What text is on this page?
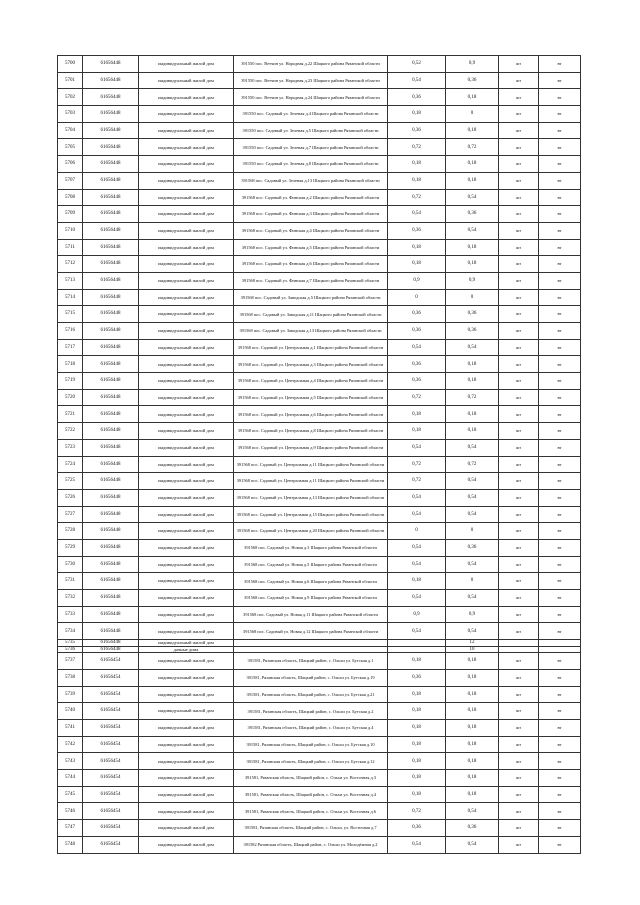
5700	61656448	индивидуальный жилой дом	391550 пос. Ветчин ул. Народная д.22 Шацкого района Рязанской области	0,52	0,9	жт	вт
5701	61656448	индивидуальный жилой дом	391550 пос. Ветчин ул. Народная д.23 Шацкого района Рязанской области	0,54	0,36	жт	вт
5702	61656448	индивидуальный жилой дом	391550 пос. Ветчин ул. Народная д.24 Шацкого района Рязанской области	0,36	0,18	жт	вт
5703	61656448	индивидуальный жилой дом	391550 пос. Садовый ул. Зеленая д.4 Шацкого района Рязанской области	0,18	0	жт	вт
5704	61656448	индивидуальный жилой дом	391550 пос. Садовый ул. Зеленая д.5 Шацкого района Рязанской области	0,36	0,18	жт	вт
5705	61656448	индивидуальный жилой дом	391550 пос. Садовый ул. Зеленая д.7 Шацкого района Рязанской области	0,72	0,72	жт	вт
5706	61656448	индивидуальный жилой дом	391550 пос. Садовый ул. Зеленая д.8 Шацкого района Рязанской области	0,18	0,18	жт	вт
5707	61656448	индивидуальный жилой дом	391568 пос. Садовый ул. Зеленая д.13 Шацкого района Рязанской области	0,18	0,18	жт	вт
5708	61656448	индивидуальный жилой дом	391568 пос. Садовый ул. Финская д.2 Шацкого района Рязанской области	0,72	0,54	жт	вт
5709	61656448	индивидуальный жилой дом	391568 пос. Садовый ул. Финская д.3 Шацкого района Рязанской области	0,54	0,36	жт	вт
5710	61656448	индивидуальный жилой дом	391568 пос. Садовый ул. Финская д.4 Шацкого района Рязанской области	0,36	0,54	жт	вт
5711	61656448	индивидуальный жилой дом	391568 пос. Садовый ул. Финская д.5 Шацкого района Рязанской области	0,18	0,18	жт	вт
5712	61656448	индивидуальный жилой дом	391568 пос. Садовый ул. Финская д.6 Шацкого района Рязанской области	0,18	0,18	жт	вт
5713	61656448	индивидуальный жилой дом	391568 пос. Садовый ул. Финская д.7 Шацкого района Рязанской области	0,9	0,9	жт	вт
5714	61656448	индивидуальный жилой дом	391568 пос. Садовый ул. Заводская д.5 Шацкого района Рязанской области	0	0	жт	вт
5715	61656448	индивидуальный жилой дом	391568 пос. Садовый ул. Заводская д.11 Шацкого района Рязанской области	0,36	0,36	жт	вт
5716	61656448	индивидуальный жилой дом	391568 пос. Садовый ул. Заводская д.13 Шацкого района Рязанской области	0,36	0,36	жт	вт
5717	61656448	индивидуальный жилой дом	391568 пос. Садовый ул. Центральная д.1 Шацкого района Рязанской области	0,54	0,54	жт	вт
5718	61656448	индивидуальный жилой дом	391568 пос. Садовый ул. Центральная д.3 Шацкого района Рязанской области	0,36	0,18	жт	вт
5719	61656448	индивидуальный жилой дом	391568 пос. Садовый ул. Центральная д.4 Шацкого района Рязанской области	0,36	0,18	жт	вт
5720	61656448	индивидуальный жилой дом	391568 пос. Садовый ул. Центральная д.5 Шацкого района Рязанской области	0,72	0,72	жт	вт
5721	61656448	индивидуальный жилой дом	391568 пос. Садовый ул. Центральная д.6 Шацкого района Рязанской области	0,18	0,18	жт	вт
5722	61656448	индивидуальный жилой дом	391568 пос. Садовый ул. Центральная д.8 Шацкого района Рязанской области	0,18	0,18	жт	вт
5723	61656448	индивидуальный жилой дом	391568 пос. Садовый ул. Центральная д.9 Шацкого района Рязанской области	0,54	0,54	жт	вт
5724	61656448	индивидуальный жилой дом	391568 пос. Садовый ул. Центральная д.11 Шацкого района Рязанской области	0,72	0,72	жт	вт
5725	61656448	индивидуальный жилой дом	391568 пос. Садовый ул. Центральная д.11 Шацкого района Рязанской области	0,72	0,54	жт	вт
5726	61656448	индивидуальный жилой дом	391568 пос. Садовый ул. Центральная д.13 Шацкого района Рязанской области	0,54	0,54	жт	вт
5727	61656448	индивидуальный жилой дом	391568 пос. Садовый ул. Центральная д.15 Шацкого района Рязанской области	0,54	0,54	жт	вт
5728	61656448	индивидуальный жилой дом	391568 пос. Садовый ул. Центральная д.20 Шацкого района Рязанской области	0	0	жт	вт
5729	61656448	индивидуальный жилой дом	391568 пос. Садовый ул. Новая д.3 Шацкого района Рязанской области	0,54	0,36	жт	вт
5730	61656448	индивидуальный жилой дом	391568 пос. Садовый ул. Новая д.5 Шацкого района Рязанской области	0,54	0,54	жт	вт
5731	61656448	индивидуальный жилой дом	391568 пос. Садовый ул. Новая д.6 Шацкого района Рязанской области	0,18	0	жт	вт
5732	61656448	индивидуальный жилой дом	391568 пос. Садовый ул. Новая д.9 Шацкого района Рязанской области	0,54	0,54	жт	вт
5733	61656448	индивидуальный жилой дом	391568 пос. Садовый ул. Новая д.11 Шацкого района Рязанской области	0,9	0,9	жт	вт
5734	61656448	индивидуальный жилой дом	391568 пос. Садовый ул. Новая д.12 Шацкого района Рязанской области	0,54	0,54	жт	вт
5735	61656448	индивидуальный жилой дом			12		
5736	61656448	дачные дома			10		
5737	61656454	индивидуальный жилой дом	391581, Рязанская область, Шацкий район, с. Ольхи ул. Бутская д.1	0,18	0,18	жт	вт
5738	61656454	индивидуальный жилой дом	391581, Рязанская область, Шацкий район, с. Ольхи ул. Бутская д.19	0,36	0,18	жт	вт
5739	61656454	индивидуальный жилой дом	391581, Рязанская область, Шацкий район, с. Ольхи ул. Бутская д.21	0,18	0,18	жт	вт
5740	61656454	индивидуальный жилой дом	391581, Рязанская область, Шацкий район, с. Ольхи ул. Бутская д.2	0,18	0,18	жт	вт
5741	61656454	индивидуальный жилой дом	391581, Рязанская область, Шацкий район, с. Ольхи ул. Бутская д.4	0,18	0,18	жт	вт
5742	61656454	индивидуальный жилой дом	391581, Рязанская область, Шацкий район, с. Ольхи ул. Бутская д.10	0,18	0,18	жт	вт
5743	61656454	индивидуальный жилой дом	391581, Рязанская область, Шацкий район, с. Ольхи ул. Бутская д.12	0,18	0,18	жт	вт
5744	61656454	индивидуальный жилой дом	391581, Рязанская область, Шацкий район, с. Ольхи ул. Восточная д.3	0,18	0,18	жт	вт
5745	61656454	индивидуальный жилой дом	391581, Рязанская область, Шацкий район, с. Ольхи ул. Восточная д.4	0,18	0,18	жт	вт
5746	61656454	индивидуальный жилой дом	391581, Рязанская область, Шацкий район, с. Ольхи ул. Восточная д.6	0,72	0,54	жт	вт
5747	61656454	индивидуальный жилой дом	391581, Рязанская область, Шацкий район, с. Ольхи, ул. Восточная д.7	0,36	0,36	жт	вт
5748	61656454	индивидуальный жилой дом	391582 Рязанская область, Шацкий район, с. Ольхи ул. Молодёжная д.2	0,54	0,54	жт	вт
